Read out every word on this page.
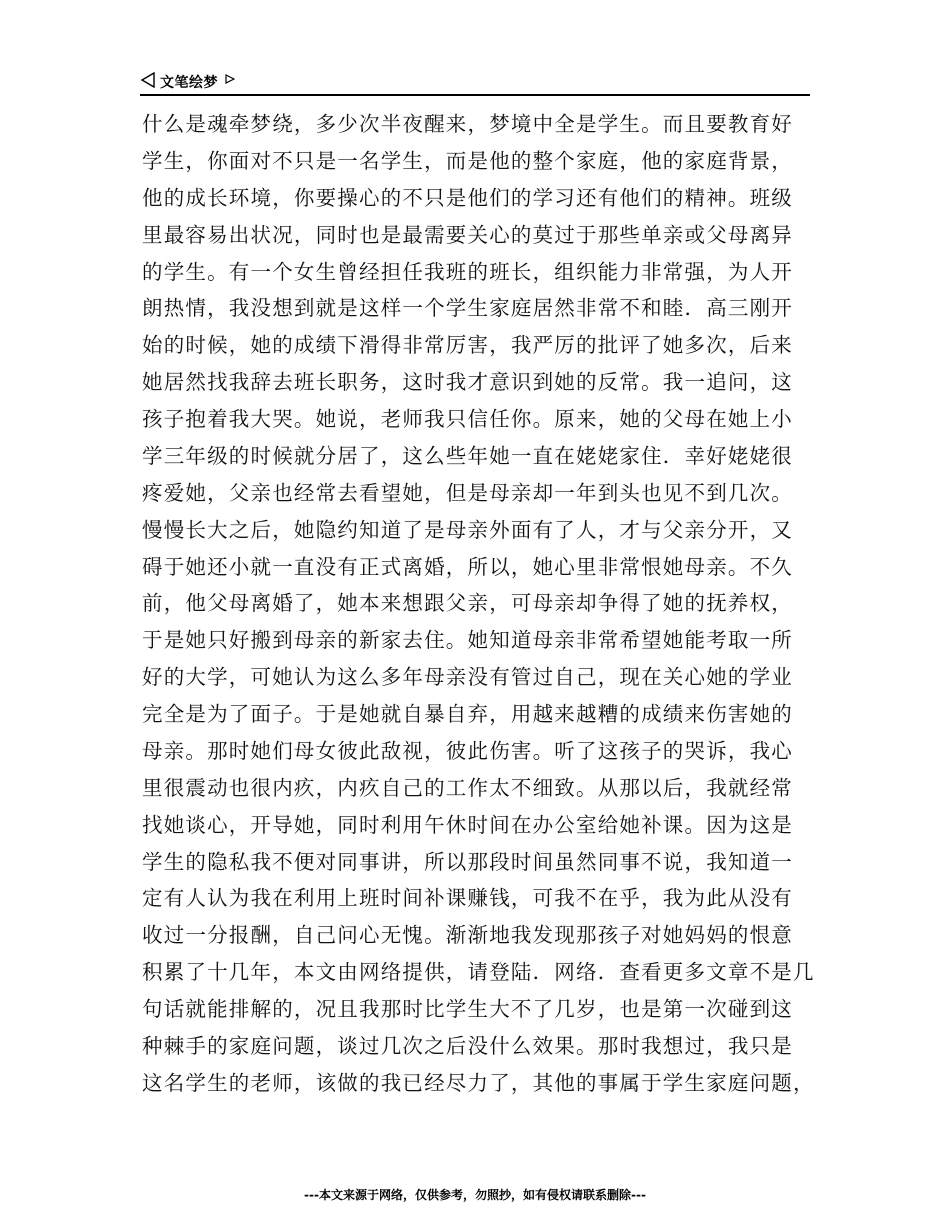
文笔绘梦
什么是魂牵梦绕，多少次半夜醒来，梦境中全是学生。而且要教育好
学生，你面对不只是一名学生，而是他的整个家庭，他的家庭背景，
他的成长环境，你要操心的不只是他们的学习还有他们的精神。班级
里最容易出状况，同时也是最需要关心的莫过于那些单亲或父母离异
的学生。有一个女生曾经担任我班的班长，组织能力非常强，为人开
朗热情，我没想到就是这样一个学生家庭居然非常不和睦．高三刚开
始的时候，她的成绩下滑得非常厉害，我严厉的批评了她多次，后来
她居然找我辞去班长职务，这时我才意识到她的反常。我一追问，这
孩子抱着我大哭。她说，老师我只信任你。原来，她的父母在她上小
学三年级的时候就分居了，这么些年她一直在姥姥家住．幸好姥姥很
疼爱她，父亲也经常去看望她，但是母亲却一年到头也见不到几次。
慢慢长大之后，她隐约知道了是母亲外面有了人，才与父亲分开，又
碍于她还小就一直没有正式离婚，所以，她心里非常恨她母亲。不久
前，他父母离婚了，她本来想跟父亲，可母亲却争得了她的抚养权，
于是她只好搬到母亲的新家去住。她知道母亲非常希望她能考取一所
好的大学，可她认为这么多年母亲没有管过自己，现在关心她的学业
完全是为了面子。于是她就自暴自弃，用越来越糟的成绩来伤害她的
母亲。那时她们母女彼此敌视，彼此伤害。听了这孩子的哭诉，我心
里很震动也很内疚，内疚自己的工作太不细致。从那以后，我就经常
找她谈心，开导她，同时利用午休时间在办公室给她补课。因为这是
学生的隐私我不便对同事讲，所以那段时间虽然同事不说，我知道一
定有人认为我在利用上班时间补课赚钱，可我不在乎，我为此从没有
收过一分报酬，自己问心无愧。渐渐地我发现那孩子对她妈妈的恨意
积累了十几年，本文由网络提供，请登陆．网络．查看更多文章不是几
句话就能排解的，况且我那时比学生大不了几岁，也是第一次碰到这
种棘手的家庭问题，谈过几次之后没什么效果。那时我想过，我只是
这名学生的老师，该做的我已经尽力了，其他的事属于学生家庭问题，
---本文来源于网络，仅供参考，勿照抄，如有侵权请联系删除---
